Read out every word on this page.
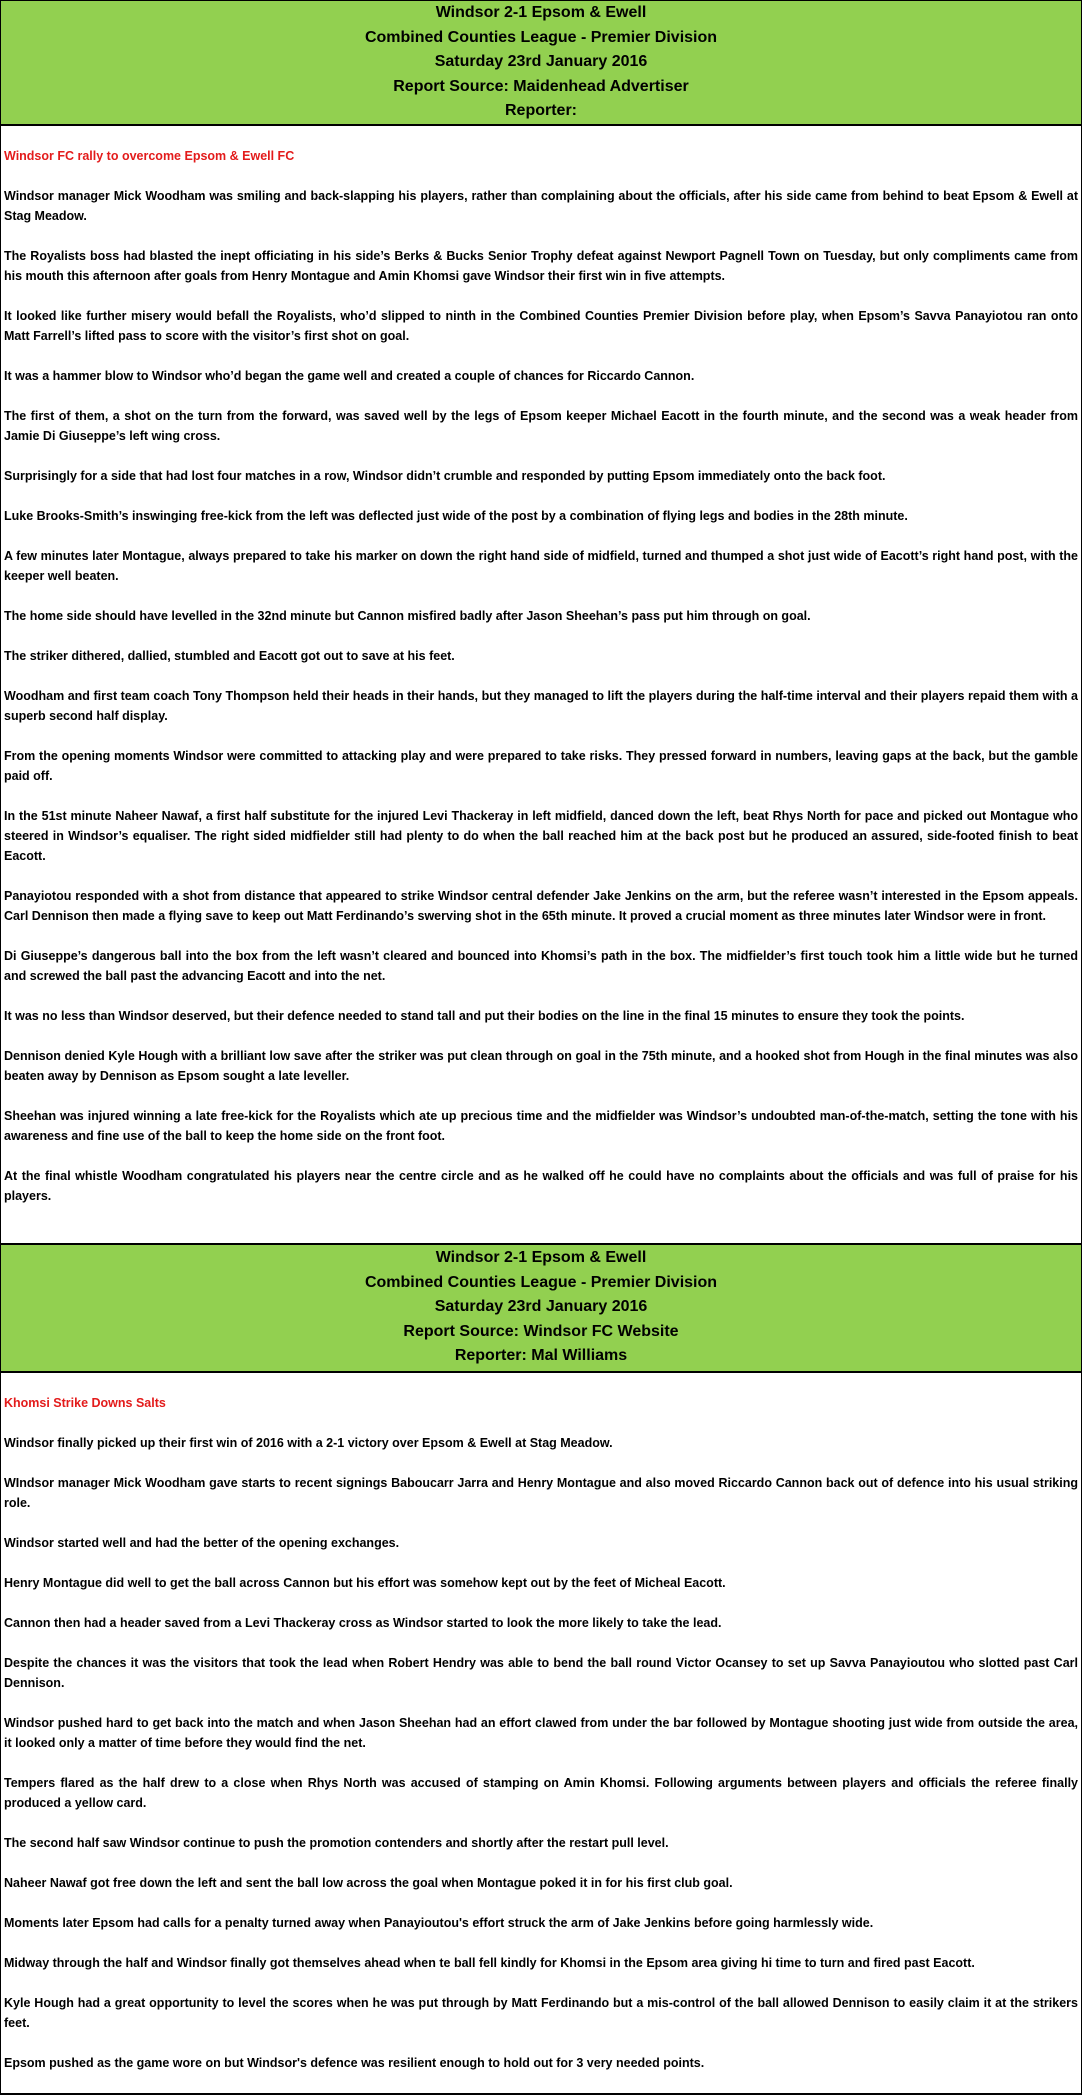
Windsor 2-1 Epsom & Ewell
Combined Counties League - Premier Division
Saturday 23rd January 2016
Report Source: Maidenhead Advertiser
Reporter:
Windsor FC rally to overcome Epsom & Ewell FC

Windsor manager Mick Woodham was smiling and back-slapping his players, rather than complaining about the officials, after his side came from behind to beat Epsom & Ewell at Stag Meadow.

The Royalists boss had blasted the inept officiating in his side’s Berks & Bucks Senior Trophy defeat against Newport Pagnell Town on Tuesday, but only compliments came from his mouth this afternoon after goals from Henry Montague and Amin Khomsi gave Windsor their first win in five attempts.

It looked like further misery would befall the Royalists, who’d slipped to ninth in the Combined Counties Premier Division before play, when Epsom’s Savva Panayiotou ran onto Matt Farrell’s lifted pass to score with the visitor’s first shot on goal.

It was a hammer blow to Windsor who’d began the game well and created a couple of chances for Riccardo Cannon.

The first of them, a shot on the turn from the forward, was saved well by the legs of Epsom keeper Michael Eacott in the fourth minute, and the second was a weak header from Jamie Di Giuseppe’s left wing cross.

Surprisingly for a side that had lost four matches in a row, Windsor didn’t crumble and responded by putting Epsom immediately onto the back foot.

Luke Brooks-Smith’s inswinging free-kick from the left was deflected just wide of the post by a combination of flying legs and bodies in the 28th minute.

A few minutes later Montague, always prepared to take his marker on down the right hand side of midfield, turned and thumped a shot just wide of Eacott’s right hand post, with the keeper well beaten.

The home side should have levelled in the 32nd minute but Cannon misfired badly after Jason Sheehan’s pass put him through on goal.

The striker dithered, dallied, stumbled and Eacott got out to save at his feet.

Woodham and first team coach Tony Thompson held their heads in their hands, but they managed to lift the players during the half-time interval and their players repaid them with a superb second half display.

From the opening moments Windsor were committed to attacking play and were prepared to take risks. They pressed forward in numbers, leaving gaps at the back, but the gamble paid off.

In the 51st minute Naheer Nawaf, a first half substitute for the injured Levi Thackeray in left midfield, danced down the left, beat Rhys North for pace and picked out Montague who steered in Windsor’s equaliser. The right sided midfielder still had plenty to do when the ball reached him at the back post but he produced an assured, side-footed finish to beat Eacott.

Panayiotou responded with a shot from distance that appeared to strike Windsor central defender Jake Jenkins on the arm, but the referee wasn’t interested in the Epsom appeals. Carl Dennison then made a flying save to keep out Matt Ferdinando’s swerving shot in the 65th minute. It proved a crucial moment as three minutes later Windsor were in front.

Di Giuseppe’s dangerous ball into the box from the left wasn’t cleared and bounced into Khomsi’s path in the box. The midfielder’s first touch took him a little wide but he turned and screwed the ball past the advancing Eacott and into the net.

It was no less than Windsor deserved, but their defence needed to stand tall and put their bodies on the line in the final 15 minutes to ensure they took the points.

Dennison denied Kyle Hough with a brilliant low save after the striker was put clean through on goal in the 75th minute, and a hooked shot from Hough in the final minutes was also beaten away by Dennison as Epsom sought a late leveller.

Sheehan was injured winning a late free-kick for the Royalists which ate up precious time and the midfielder was Windsor’s undoubted man-of-the-match, setting the tone with his awareness and fine use of the ball to keep the home side on the front foot.

At the final whistle Woodham congratulated his players near the centre circle and as he walked off he could have no complaints about the officials and was full of praise for his players.

Windsor 2-1 Epsom & Ewell
Combined Counties League - Premier Division
Saturday 23rd January 2016
Report Source: Windsor FC Website
Reporter: Mal Williams
Khomsi Strike Downs Salts

Windsor finally picked up their first win of 2016 with a 2-1 victory over Epsom & Ewell at Stag Meadow.

WIndsor manager Mick Woodham gave starts to recent signings Baboucarr Jarra and Henry Montague and also moved Riccardo Cannon back out of defence into his usual striking role.

Windsor started well and had the better of the opening exchanges.

Henry Montague did well to get the ball across Cannon but his effort was somehow kept out by the feet of Micheal Eacott.

Cannon then had a header saved from a Levi Thackeray cross as Windsor started to look the more likely to take the lead.

Despite the chances it was the visitors that took the lead when Robert Hendry was able to bend the ball round Victor Ocansey to set up Savva Panayioutou who slotted past Carl Dennison.

Windsor pushed hard to get back into the match and when Jason Sheehan had an effort clawed from under the bar followed by Montague shooting just wide from outside the area, it looked only a matter of time before they would find the net.

Tempers flared as the half drew to a close when Rhys North was accused of stamping on Amin Khomsi. Following arguments between players and officials the referee finally produced a yellow card.

The second half saw Windsor continue to push the promotion contenders and shortly after the restart pull level.

Naheer Nawaf got free down the left and sent the ball low across the goal when Montague poked it in for his first club goal.

Moments later Epsom had calls for a penalty turned away when Panayioutou's effort struck the arm of Jake Jenkins before going harmlessly wide.

Midway through the half and Windsor finally got themselves ahead when te ball fell kindly for Khomsi in the Epsom area giving hi time to turn and fired past Eacott.

Kyle Hough had a great opportunity to level the scores when he was put through by Matt Ferdinando but a mis-control of the ball allowed Dennison to easily claim it at the strikers feet.

Epsom pushed as the game wore on but Windsor's defence was resilient enough to hold out for 3 very needed points.
